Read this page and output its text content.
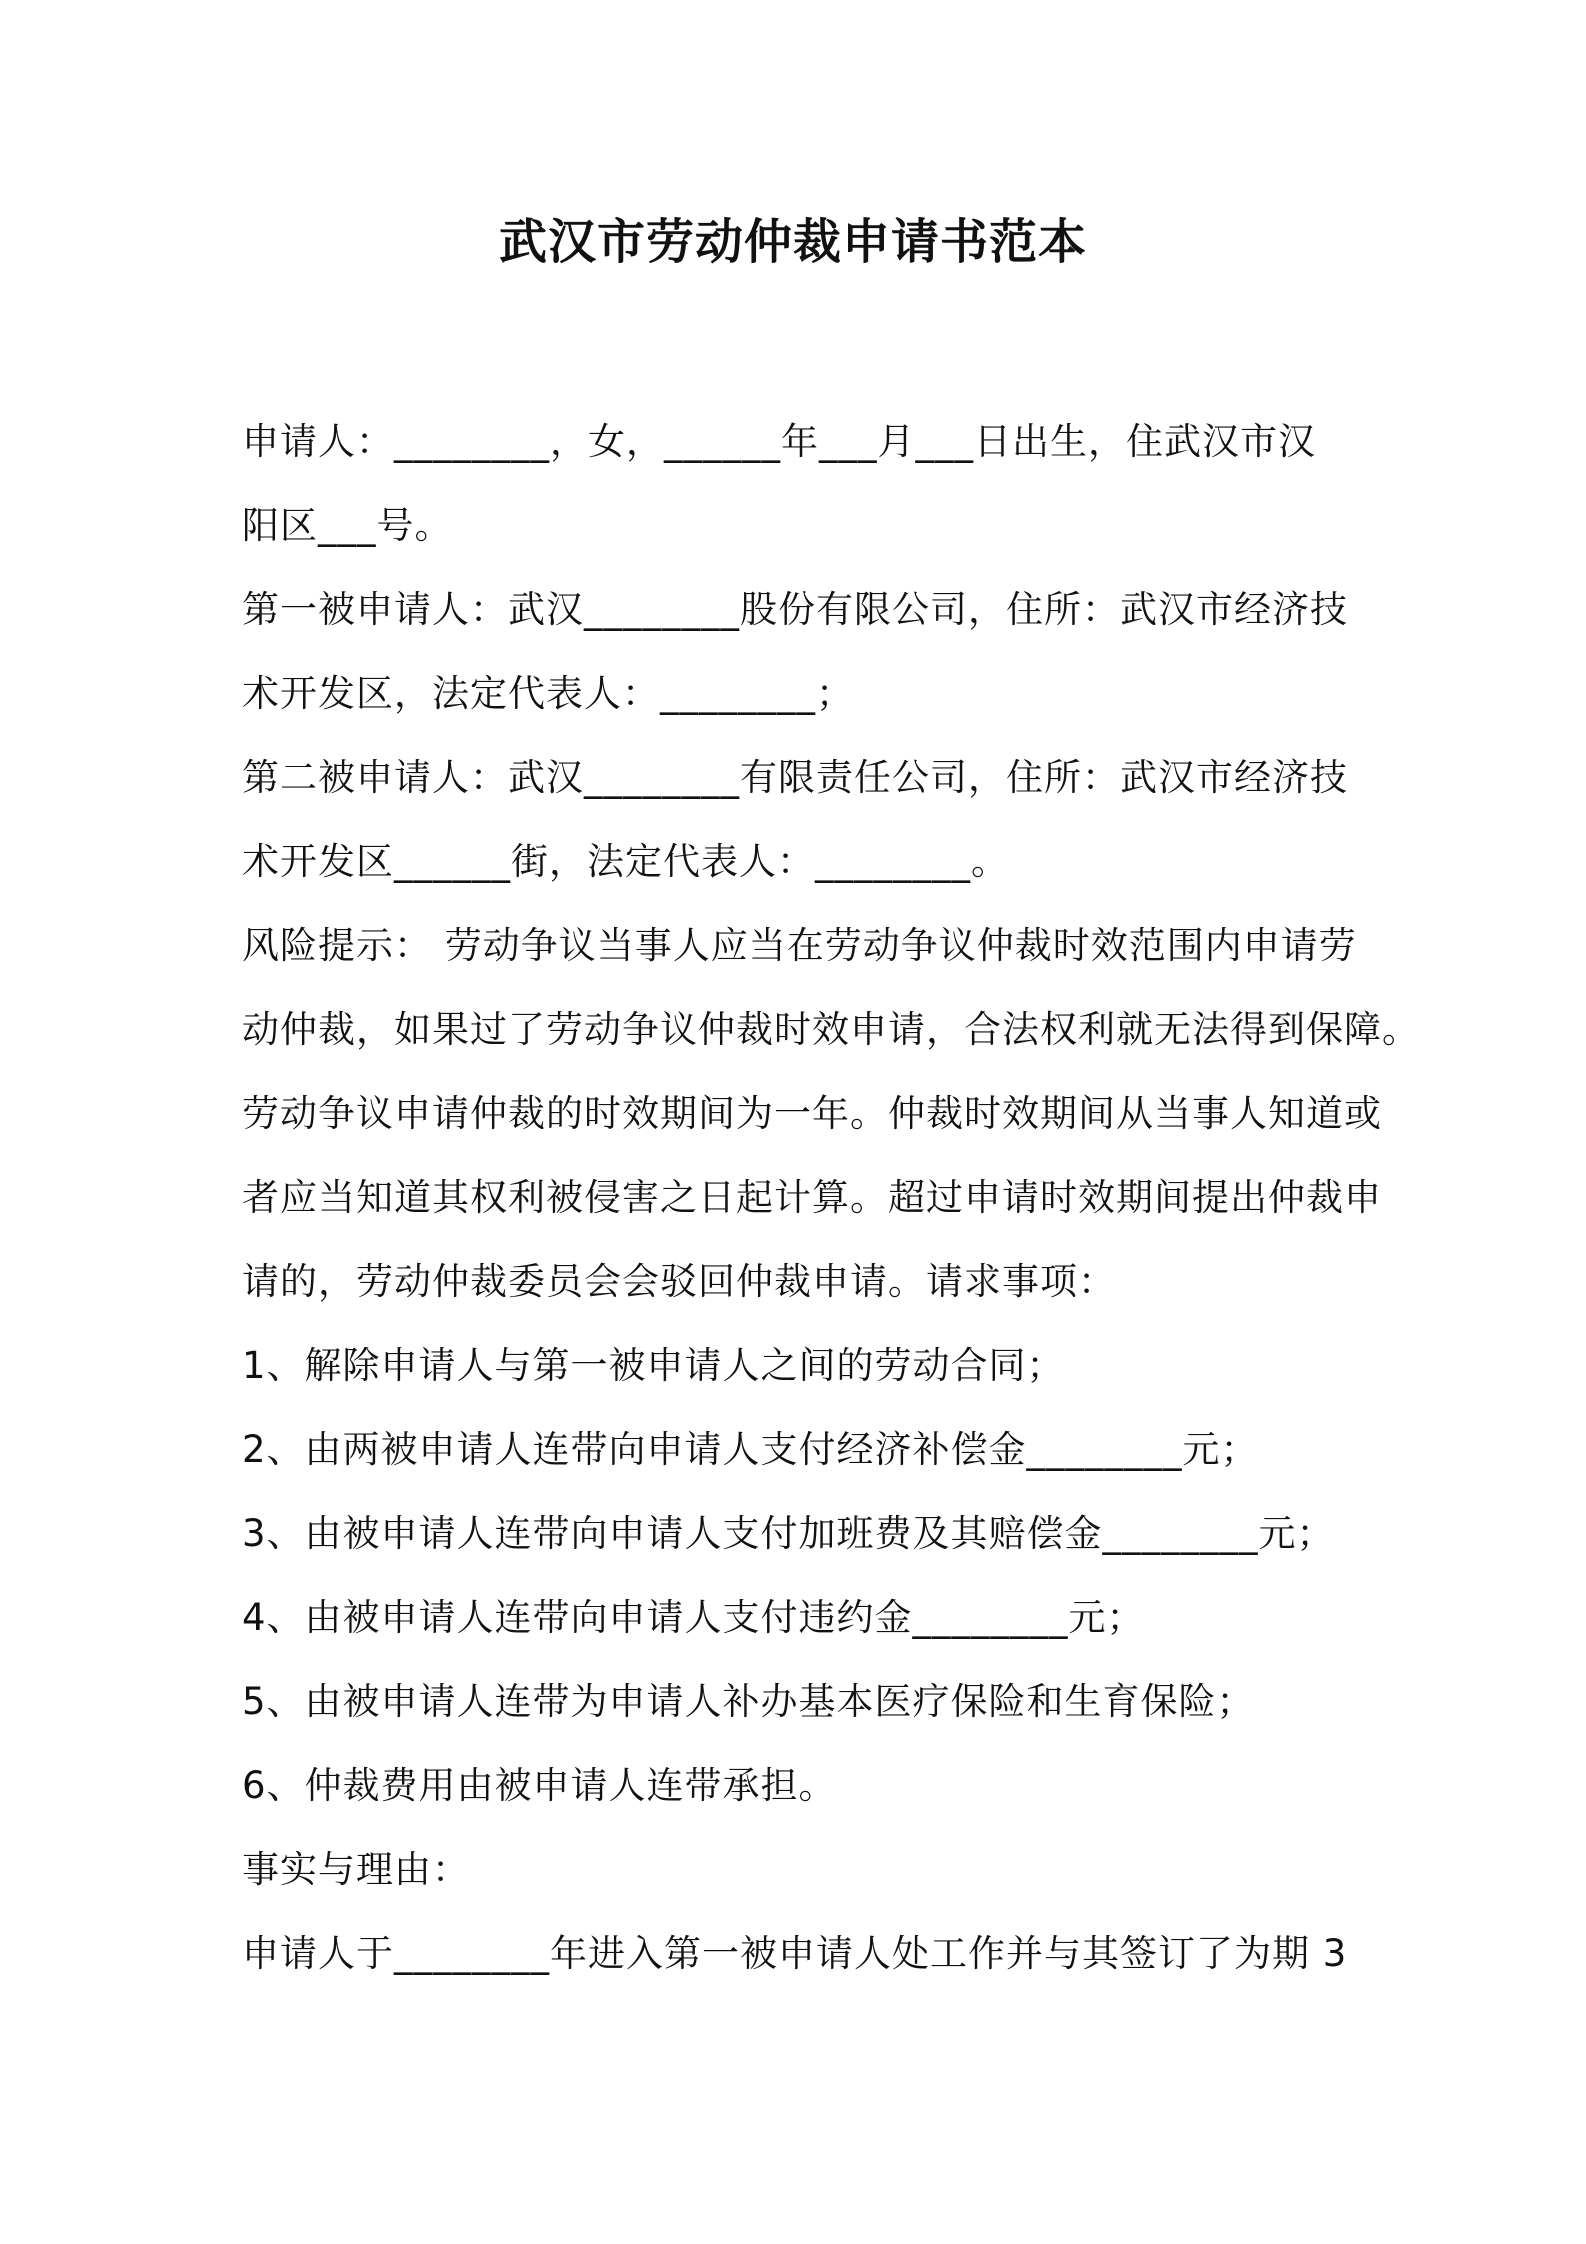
武汉市劳动仲裁申请书范本
申请人：________，女，______年___月___日出生，住武汉市汉
阳区___号。
第一被申请人：武汉________股份有限公司，住所：武汉市经济技
术开发区，法定代表人：________；
第二被申请人：武汉________有限责任公司，住所：武汉市经济技
术开发区______街，法定代表人：________。
风险提示： 劳动争议当事人应当在劳动争议仲裁时效范围内申请劳
动仲裁，如果过了劳动争议仲裁时效申请，合法权利就无法得到保障。
劳动争议申请仲裁的时效期间为一年。仲裁时效期间从当事人知道或
者应当知道其权利被侵害之日起计算。超过申请时效期间提出仲裁申
请的，劳动仲裁委员会会驳回仲裁申请。请求事项：
1、解除申请人与第一被申请人之间的劳动合同；
2、由两被申请人连带向申请人支付经济补偿金________元；
3、由被申请人连带向申请人支付加班费及其赔偿金________元；
4、由被申请人连带向申请人支付违约金________元；
5、由被申请人连带为申请人补办基本医疗保险和生育保险；
6、仲裁费用由被申请人连带承担。
事实与理由：
申请人于________年进入第一被申请人处工作并与其签订了为期 3
